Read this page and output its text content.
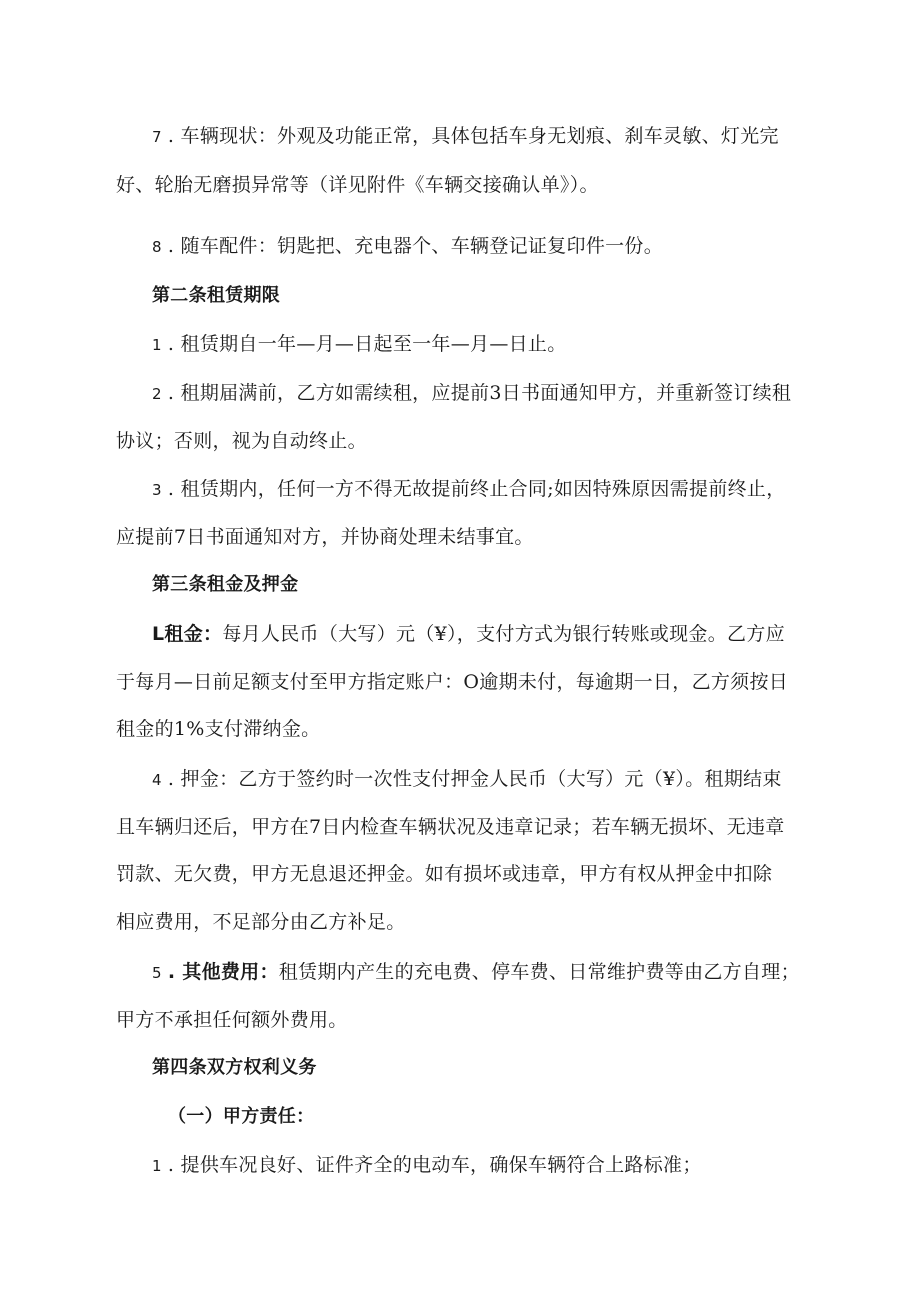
7 . 车辆现状：外观及功能正常，具体包括车身无划痕、刹车灵敏、灯光完
好、轮胎无磨损异常等（详见附件《车辆交接确认单》）。
8 . 随车配件：钥匙把、充电器个、车辆登记证复印件一份。
第二条租赁期限
1 . 租赁期自一年—月—日起至一年—月—日止。
2 . 租期届满前，乙方如需续租，应提前3日书面通知甲方，并重新签订续租
协议；否则，视为自动终止。
3 . 租赁期内，任何一方不得无故提前终止合同;如因特殊原因需提前终止，
应提前7日书面通知对方，并协商处理未结事宜。
第三条租金及押金
L租金：每月人民币（大写）元（¥），支付方式为银行转账或现金。乙方应
于每月—日前足额支付至甲方指定账户：O逾期未付，每逾期一日，乙方须按日
租金的1%支付滞纳金。
4 . 押金：乙方于签约时一次性支付押金人民币（大写）元（¥）。租期结束
且车辆归还后，甲方在7日内检查车辆状况及违章记录；若车辆无损坏、无违章
罚款、无欠费，甲方无息退还押金。如有损坏或违章，甲方有权从押金中扣除
相应费用，不足部分由乙方补足。
5 . 其他费用：租赁期内产生的充电费、停车费、日常维护费等由乙方自理；
甲方不承担任何额外费用。
第四条双方权利义务
（一）甲方责任：
1 . 提供车况良好、证件齐全的电动车，确保车辆符合上路标准；
